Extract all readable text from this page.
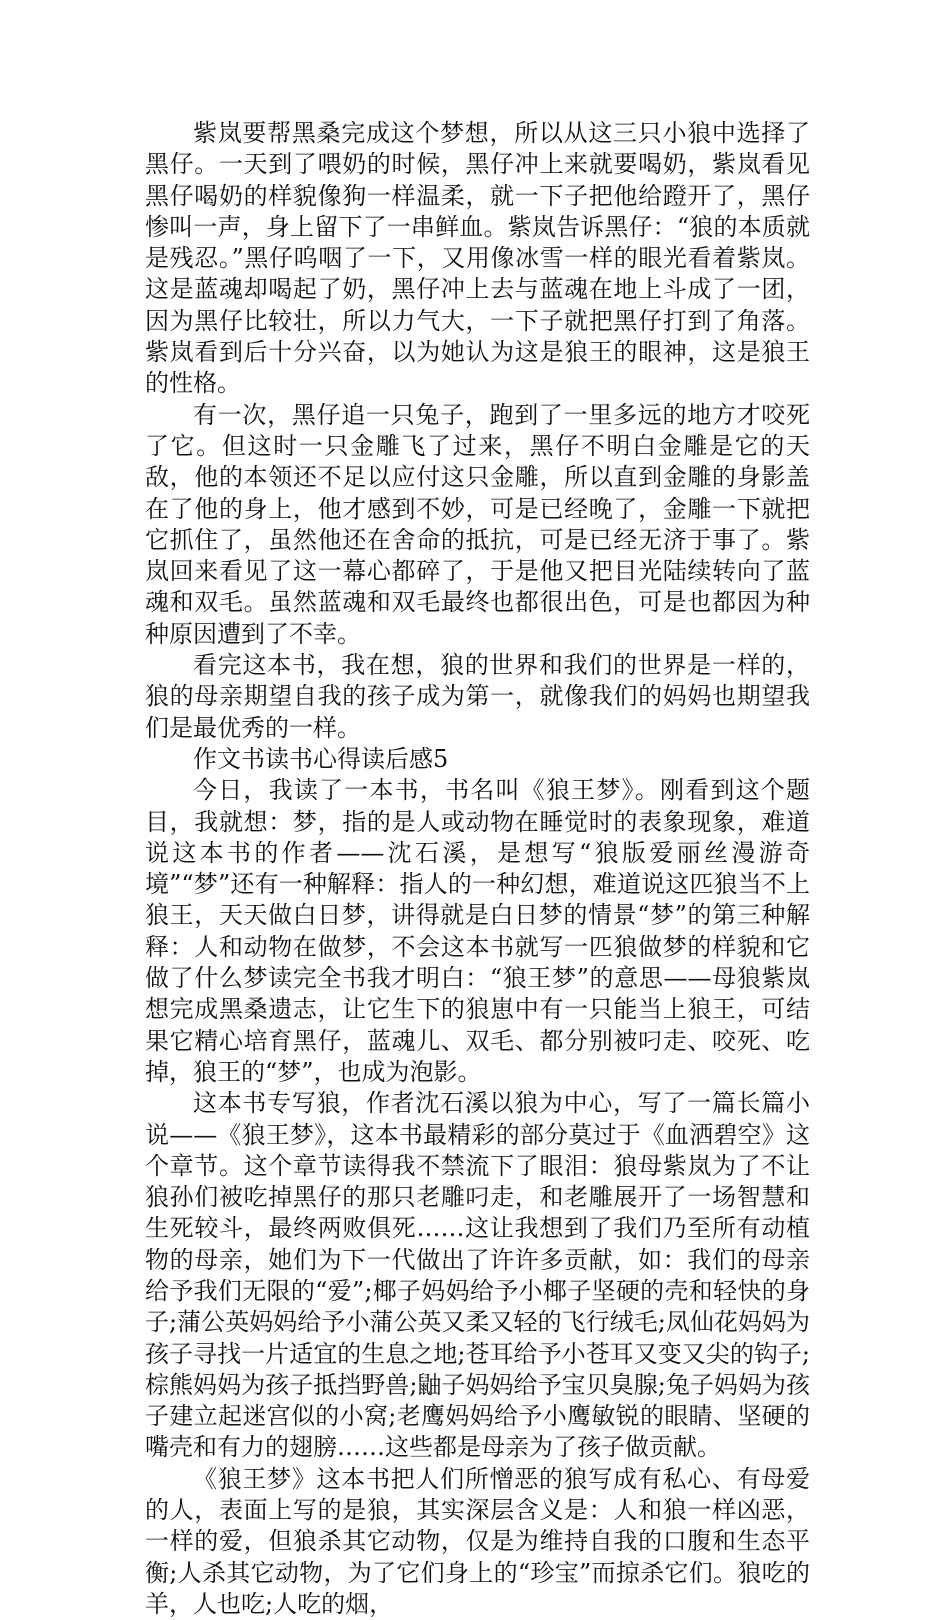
紫岚要帮黑桑完成这个梦想，所以从这三只小狼中选择了黑仔。一天到了喂奶的时候，黑仔冲上来就要喝奶，紫岚看见黑仔喝奶的样貌像狗一样温柔，就一下子把他给蹬开了，黑仔惨叫一声，身上留下了一串鲜血。紫岚告诉黑仔：“狼的本质就是残忍。”黑仔呜咽了一下，又用像冰雪一样的眼光看着紫岚。这是蓝魂却喝起了奶，黑仔冲上去与蓝魂在地上斗成了一团，因为黑仔比较壮，所以力气大，一下子就把黑仔打到了角落。紫岚看到后十分兴奋，以为她认为这是狼王的眼神，这是狼王的性格。

有一次，黑仔追一只兔子，跑到了一里多远的地方才咬死了它。但这时一只金雕飞了过来，黑仔不明白金雕是它的天敌，他的本领还不足以应付这只金雕，所以直到金雕的身影盖在了他的身上，他才感到不妙，可是已经晚了，金雕一下就把它抓住了，虽然他还在舍命的抵抗，可是已经无济于事了。紫岚回来看见了这一幕心都碎了，于是他又把目光陆续转向了蓝魂和双毛。虽然蓝魂和双毛最终也都很出色，可是也都因为种种原因遭到了不幸。

看完这本书，我在想，狼的世界和我们的世界是一样的，狼的母亲期望自我的孩子成为第一，就像我们的妈妈也期望我们是最优秀的一样。

作文书读书心得读后感5

今日，我读了一本书，书名叫《狼王梦》。刚看到这个题目，我就想：梦，指的是人或动物在睡觉时的表象现象，难道说这本书的作者——沈石溪，是想写“狼版爱丽丝漫游奇境”“梦”还有一种解释：指人的一种幻想，难道说这匹狼当不上狼王，天天做白日梦，讲得就是白日梦的情景“梦”的第三种解释：人和动物在做梦，不会这本书就写一匹狼做梦的样貌和它做了什么梦读完全书我才明白：“狼王梦”的意思——母狼紫岚想完成黑桑遗志，让它生下的狼崽中有一只能当上狼王，可结果它精心培育黑仔，蓝魂儿、双毛、都分别被叼走、咬死、吃掉，狼王的“梦”，也成为泡影。

这本书专写狼，作者沈石溪以狼为中心，写了一篇长篇小说——《狼王梦》，这本书最精彩的部分莫过于《血洒碧空》这个章节。这个章节读得我不禁流下了眼泪：狼母紫岚为了不让狼孙们被吃掉黑仔的那只老雕叼走，和老雕展开了一场智慧和生死较斗，最终两败俱死……这让我想到了我们乃至所有动植物的母亲，她们为下一代做出了许许多贡献，如：我们的母亲给予我们无限的“爱”;椰子妈妈给予小椰子坚硬的壳和轻快的身子;蒲公英妈妈给予小蒲公英又柔又轻的飞行绒毛;凤仙花妈妈为孩子寻找一片适宜的生息之地;苍耳给予小苍耳又变又尖的钩子;棕熊妈妈为孩子抵挡野兽;鼬子妈妈给予宝贝臭腺;兔子妈妈为孩子建立起迷宫似的小窝;老鹰妈妈给予小鹰敏锐的眼睛、坚硬的嘴壳和有力的翅膀……这些都是母亲为了孩子做贡献。

《狼王梦》这本书把人们所憎恶的狼写成有私心、有母爱的人，表面上写的是狼，其实深层含义是：人和狼一样凶恶，一样的爱，但狼杀其它动物，仅是为维持自我的口腹和生态平衡;人杀其它动物，为了它们身上的“珍宝”而掠杀它们。狼吃的羊，人也吃;人吃的烟，
